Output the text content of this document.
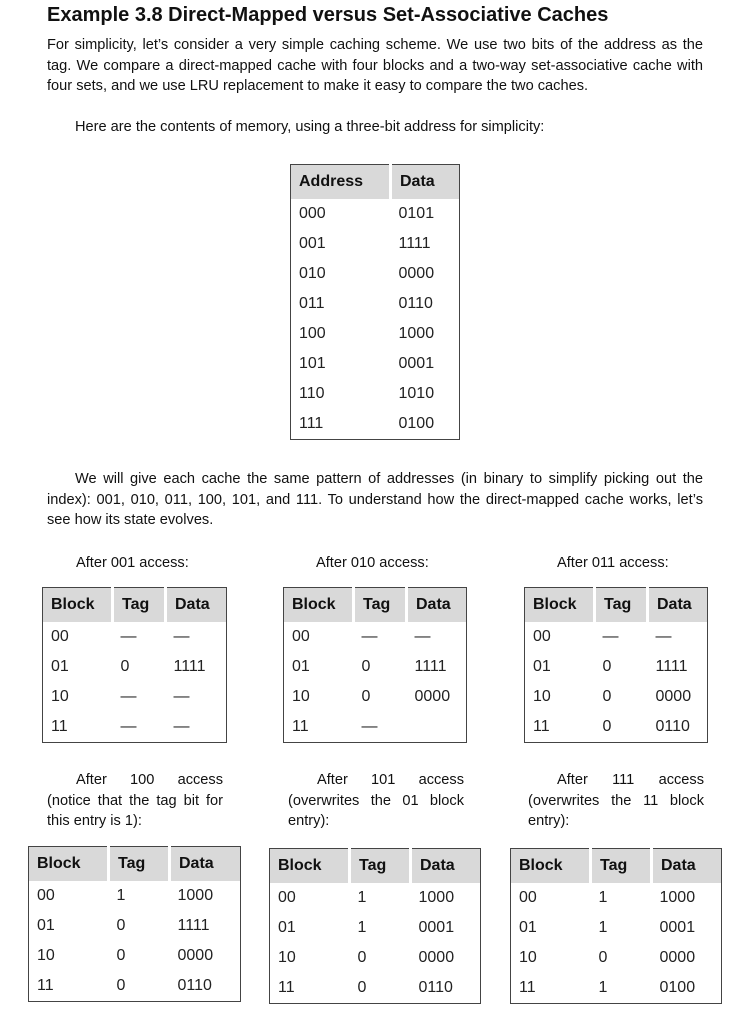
Example 3.8 Direct-Mapped versus Set-Associative Caches

For simplicity, let’s consider a very simple caching scheme. We use two bits of the address as the tag. We compare a direct-mapped cache with four blocks and a two-way set-associative cache with four sets, and we use LRU replacement to make it easy to compare the two caches.

Here are the contents of memory, using a three-bit address for simplicity:

Address	Data
000	0101
001	1111
010	0000
011	0110
100	1000
101	0001
110	1010
111	0100

We will give each cache the same pattern of addresses (in binary to simplify picking out the index): 001, 010, 011, 100, 101, and 111. To understand how the direct-mapped cache works, let’s see how its state evolves.

After 001 access:	After 010 access:	After 011 access:
Block	Tag	Data
00	—	—
01	0	1111
10	—	—
11	—	—
Block	Tag	Data
00	—	—
01	0	1111
10	0	0000
11	—	
Block	Tag	Data
00	—	—
01	0	1111
10	0	0000
11	0	0110
After 100 access
(notice that the tag bit for this entry is 1):
After 101 access
(overwrites the 01 block entry):
After 111 access
(overwrites the 11 block entry):
Block	Tag	Data
00	1	1000
01	0	1111
10	0	0000
11	0	0110
Block	Tag	Data
00	1	1000
01	1	0001
10	0	0000
11	0	0110
Block	Tag	Data
00	1	1000
01	1	0001
10	0	0000
11	1	0100
